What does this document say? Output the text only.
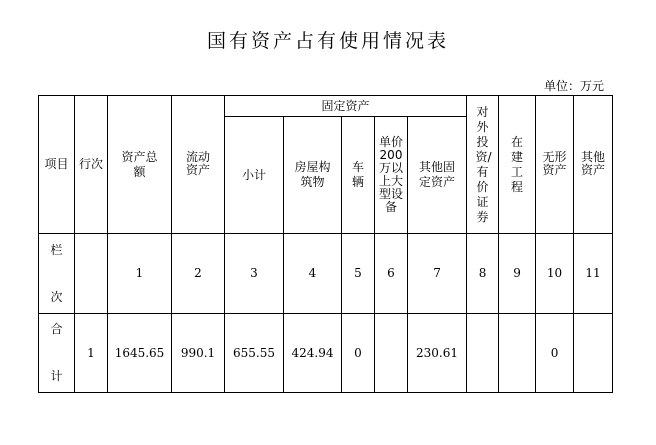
国有资产占有使用情况表
单位：万元
项目	行次	资产总额	流动资产	固定资产					对外投资/有价证券	在建工程	无形资产	其他资产
				小计	房屋构筑物	车辆	单价200万以上大型设备	其他固定资产				

栏
次		1	2	3	4	5	6	7	8	9	10	11

合
计	1	1645.65	990.1	655.55	424.94	0		230.61			0	
